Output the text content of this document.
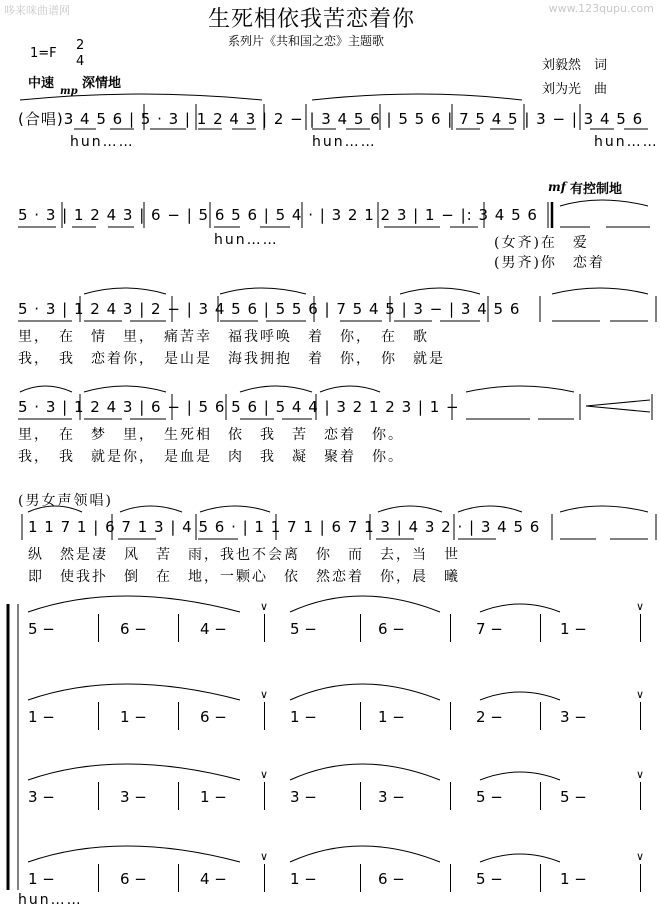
哆来咪曲谱网	www.123qupu.com
生死相依我苦恋着你
系列片《共和国之恋》主题歌
1=F
2
4
中速
mp
深情地
刘毅然　词
刘为光　曲
(合唱)3 4 5 6 | 5 · 3 | 1 2 4 3 | 2 − | 3 4 5 6 | 5 5 6 | 7 5 4 5 | 3 − | 3 4 5 6
hun……	hun……	hun……
mf 有控制地
5 · 3 | 1 2 4 3 | 6 − | 5 6 5 6 | 5 4 · | 3 2 1 2 3 | 1 − |: 3 4 5 6
hun……	(女齐)在　爱
(男齐)你　恋着
5 · 3 | 1 2 4 3 | 2 − | 3 4 5 6 | 5 5 6 | 7 5 4 5 | 3 − | 3 4 5 6
里，　在　情　里，　痛苦幸　福我呼唤　着　你，　在　歌
我，　我　恋着你，　是山是　海我拥抱　着　你，　你　就是
5 · 3 | 1 2 4 3 | 6 − | 5 6 5 6 | 5 4 4 | 3 2 1 2 3 | 1 −
里，　在　梦　里，　生死相　依　我　苦　恋着　你。
我，　我　就是你，　是血是　肉　我　凝　聚着　你。
(男女声领唱)
1 1 7 1 | 6 7 1 3 | 4 5 6 · | 1 1 7 1 | 6 7 1 3 | 4 3 2 · | 3 4 5 6
纵　然是凄　风　苦　雨，我也不会离　你　而　去，当　世
即　使我扑　倒　在　地，一颗心　依　然恋着　你，晨　曦
5 −	6 −	4 −	5 −	6 −	7 −	1 −
∨	∨
1 −	1 −	6 −	1 −	1 −	2 −	3 −
∨	∨
3 −	3 −	1 −	3 −	3 −	5 −	5 −
∨	∨
1 −	6 −	4 −	1 −	6 −	5 −	1 −
∨	∨
hun……
